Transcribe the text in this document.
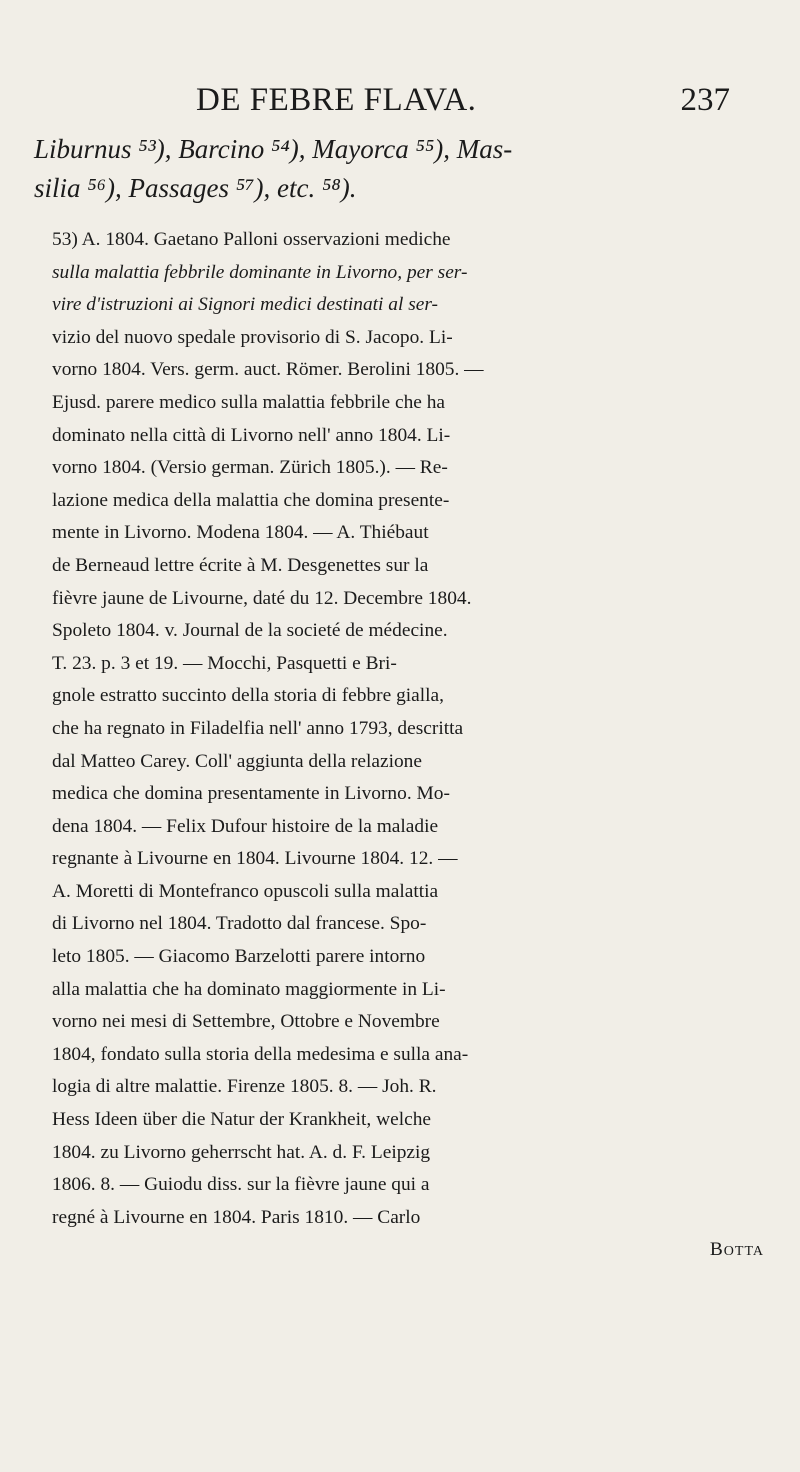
DE FEBRE FLAVA.	237
Liburnus ⁵³), Barcino ⁵⁴), Mayorca ⁵⁵), Mas-
silia ⁵⁶), Passages ⁵⁷), etc. ⁵⁸).
53) A. 1804. Gaetano Palloni osservazioni mediche
sulla malattia febbrile dominante in Livorno, per ser-
vire d'istruzioni ai Signori medici destinati al ser-
vizio del nuovo spedale provisorio di S. Jacopo. Li-
vorno 1804. Vers. germ. auct. Römer. Berolini 1805. —
Ejusd. parere medico sulla malattia febbrile che ha
dominato nella città di Livorno nell' anno 1804. Li-
vorno 1804. (Versio german. Zürich 1805.). — Re-
lazione medica della malattia che domina presente-
mente in Livorno. Modena 1804. — A. Thiébaut
de Berneaud lettre écrite à M. Desgenettes sur la
fièvre jaune de Livourne, daté du 12. Decembre 1804.
Spoleto 1804. v. Journal de la societé de médecine.
T. 23. p. 3 et 19. — Mocchi, Pasquetti e Bri-
gnole estratto succinto della storia di febbre gialla,
che ha regnato in Filadelfia nell' anno 1793, descritta
dal Matteo Carey. Coll' aggiunta della relazione
medica che domina presentamente in Livorno. Mo-
dena 1804. — Felix Dufour histoire de la maladie
regnante à Livourne en 1804. Livourne 1804. 12. —
A. Moretti di Montefranco opuscoli sulla malattia
di Livorno nel 1804. Tradotto dal francese. Spo-
leto 1805. — Giacomo Barzelotti parere intorno
alla malattia che ha dominato maggiormente in Li-
vorno nei mesi di Settembre, Ottobre e Novembre
1804, fondato sulla storia della medesima e sulla ana-
logia di altre malattie. Firenze 1805. 8. — Joh. R.
Hess Ideen über die Natur der Krankheit, welche
1804. zu Livorno geherrscht hat. A. d. F. Leipzig
1806. 8. — Guiodu diss. sur la fièvre jaune qui a
regné à Livourne en 1804. Paris 1810. — Carlo
Botta
